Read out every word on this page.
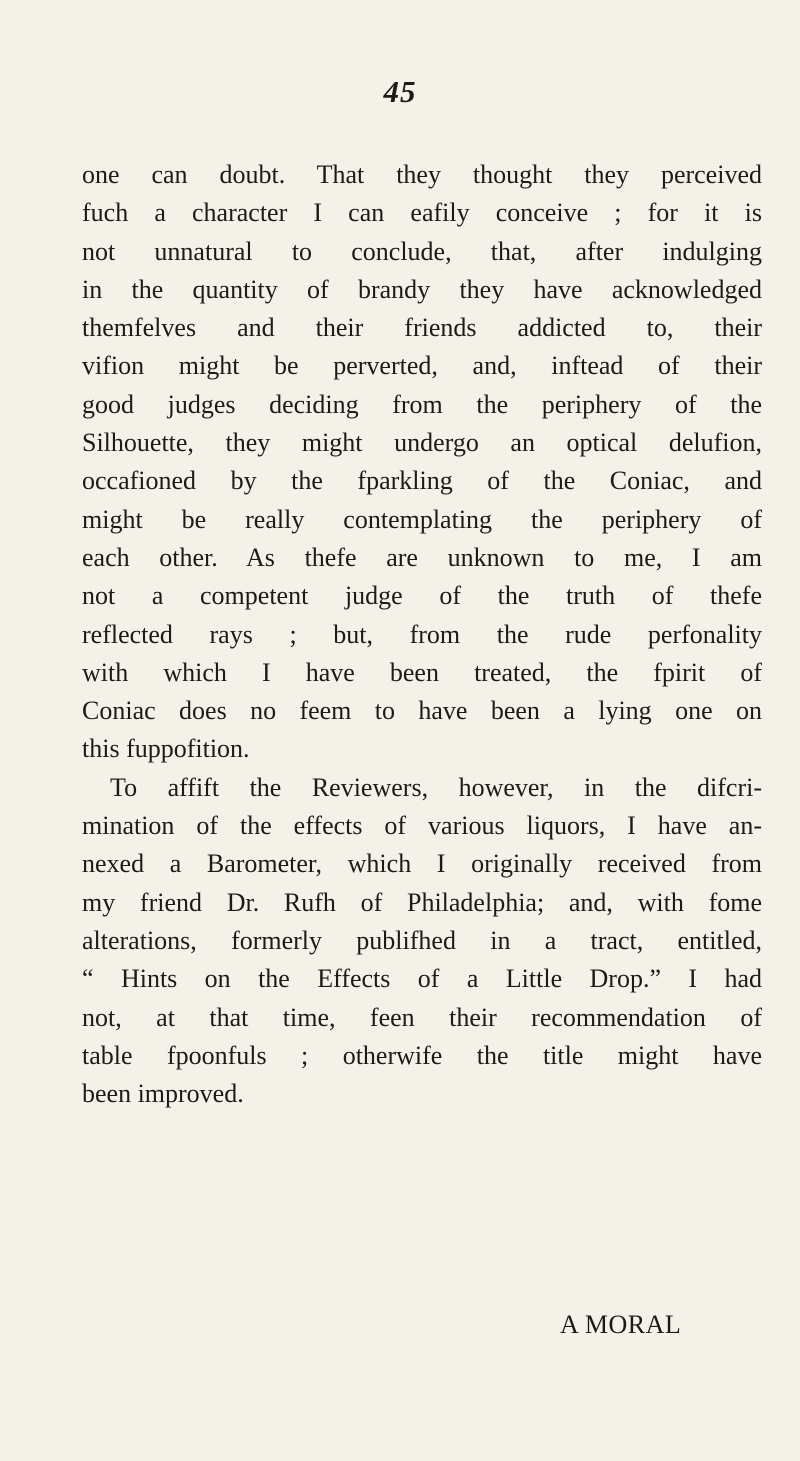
45
one can doubt. That they thought they perceived
fuch a character I can eafily conceive ; for it is
not unnatural to conclude, that, after indulging
in the quantity of brandy they have acknowledged
themfelves and their friends addicted to, their
vifion might be perverted, and, inftead of their
good judges deciding from the periphery of the
Silhouette, they might undergo an optical delufion,
occafioned by the fparkling of the Coniac, and
might be really contemplating the periphery of
each other. As thefe are unknown to me, I am
not a competent judge of the truth of thefe
reflected rays ; but, from the rude perfonality
with which I have been treated, the fpirit of
Coniac does no feem to have been a lying one on
this fuppofition.
To affift the Reviewers, however, in the difcri-
mination of the effects of various liquors, I have an-
nexed a Barometer, which I originally received from
my friend Dr. Rufh of Philadelphia; and, with fome
alterations, formerly publifhed in a tract, entitled,
“ Hints on the Effects of a Little Drop.” I had
not, at that time, feen their recommendation of
table fpoonfuls ; otherwife the title might have
been improved.
A MORAL
